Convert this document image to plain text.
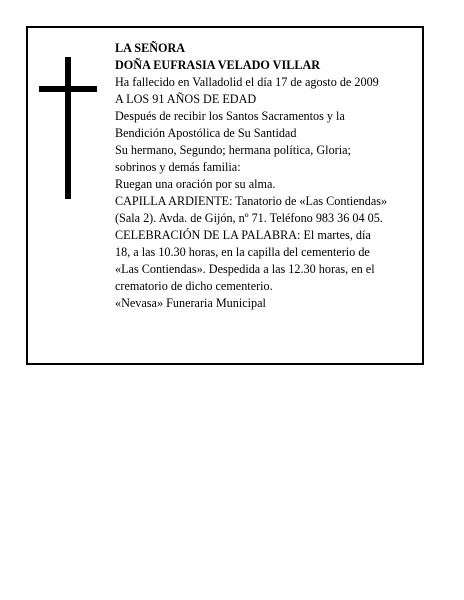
LA SEÑORA
DOÑA EUFRASIA VELADO VILLAR
Ha fallecido en Valladolid el día 17 de agosto de 2009
A LOS 91 AÑOS DE EDAD
Después de recibir los Santos Sacramentos y la
Bendición Apostólica de Su Santidad
Su hermano, Segundo; hermana política, Gloria;
sobrinos y demás familia:
Ruegan una oración por su alma.
CAPILLA ARDIENTE: Tanatorio de «Las Contiendas»
(Sala 2). Avda. de Gijón, nº 71. Teléfono 983 36 04 05.
CELEBRACIÓN DE LA PALABRA: El martes, día
18, a las 10.30 horas, en la capilla del cementerio de
«Las Contiendas». Despedida a las 12.30 horas, en el
crematorio de dicho cementerio.
«Nevasa» Funeraria Municipal
